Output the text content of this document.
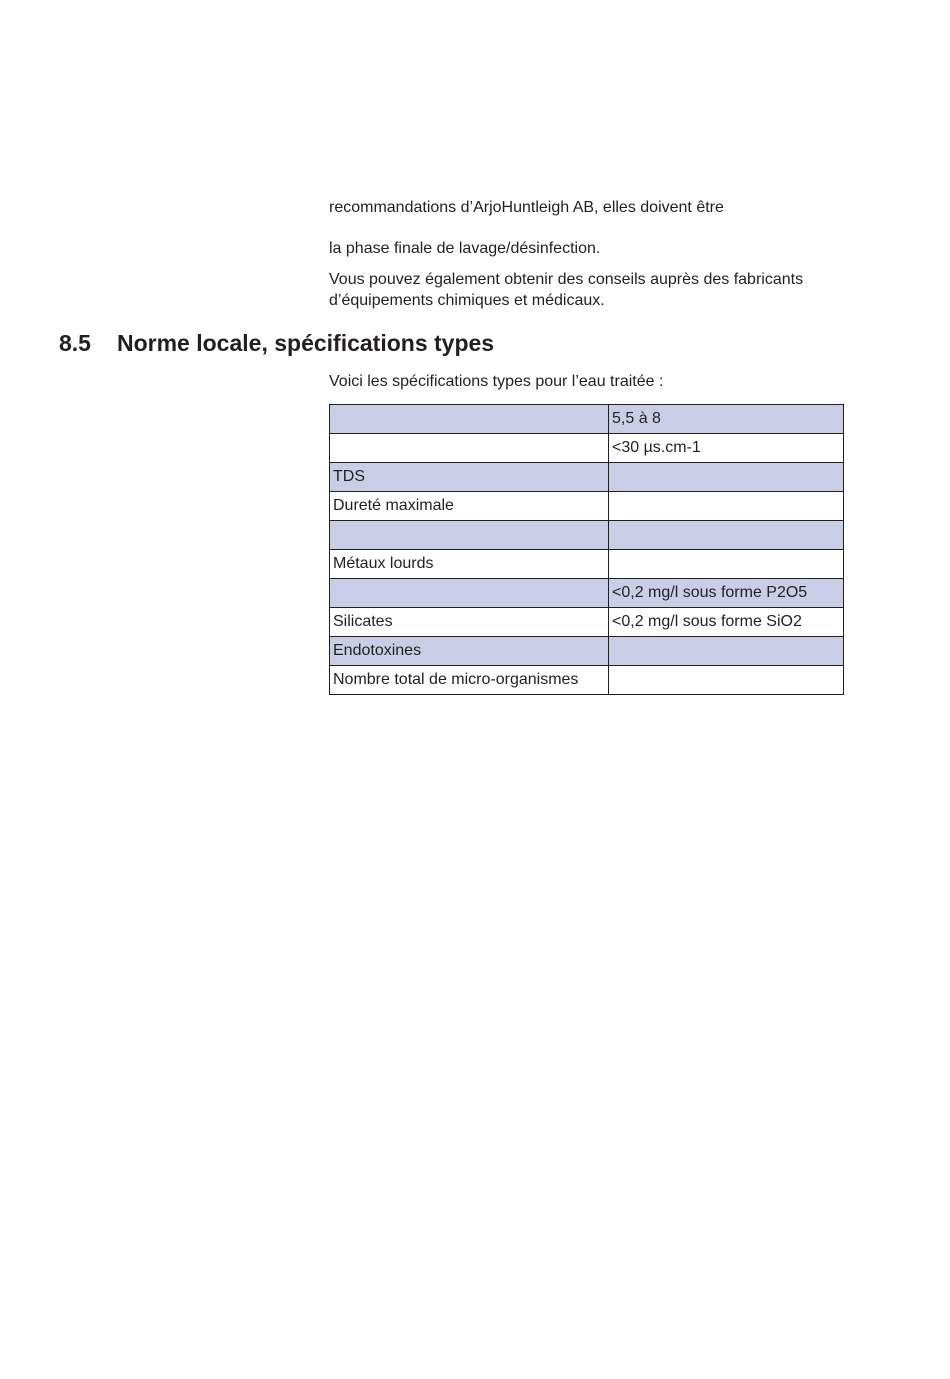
recommandations d’ArjoHuntleigh AB, elles doivent être

la phase finale de lavage/désinfection.

Vous pouvez également obtenir des conseils auprès des fabricants
d’équipements chimiques et médicaux.

8.5 Norme locale, spécifications types

Voici les spécifications types pour l’eau traitée :

	5,5 à 8
	<30 µs.cm-1
TDS	
Dureté maximale	

Métaux lourds	
	<0,2 mg/l sous forme P2O5
Silicates	<0,2 mg/l sous forme SiO2
Endotoxines	
Nombre total de micro-organismes	
